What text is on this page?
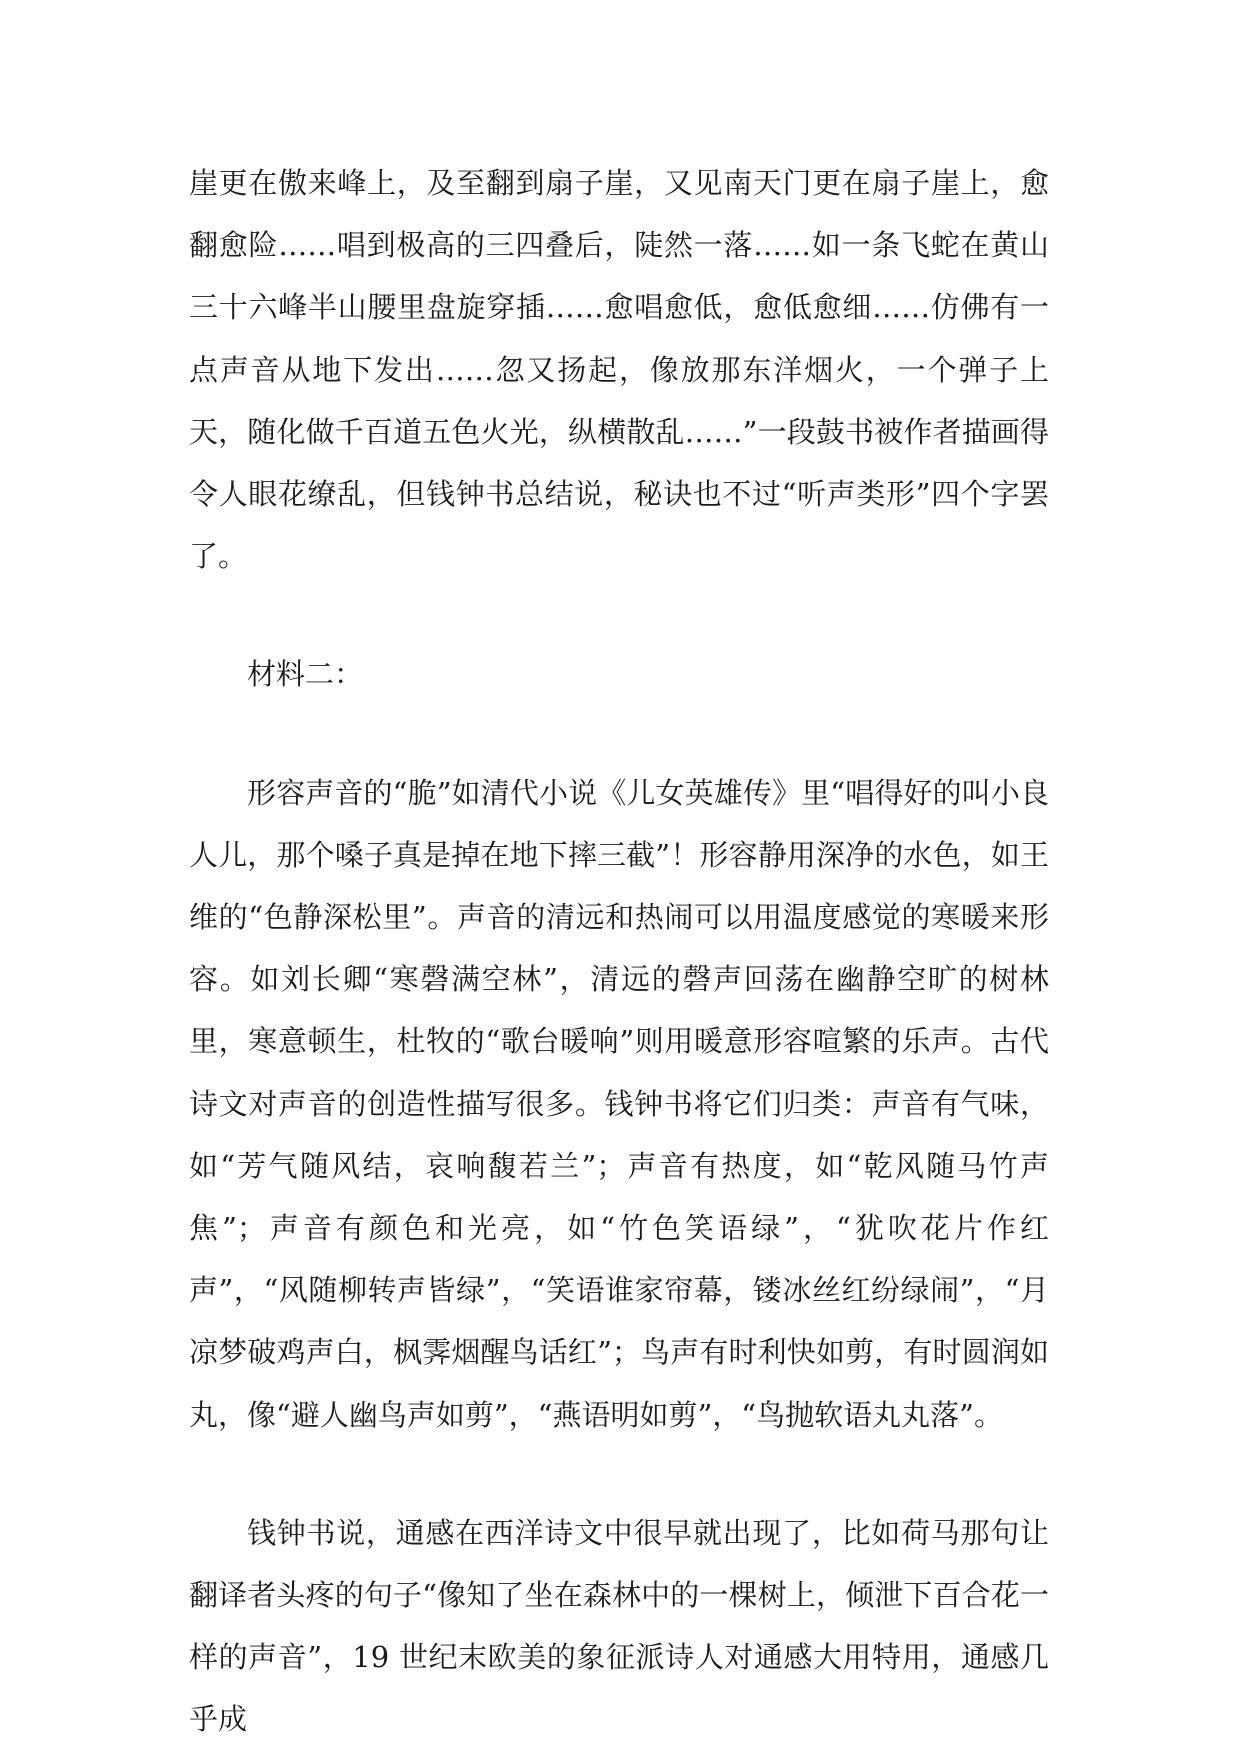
崖更在傲来峰上，及至翻到扇子崖，又见南天门更在扇子崖上，愈翻愈险……唱到极高的三四叠后，陡然一落……如一条飞蛇在黄山三十六峰半山腰里盘旋穿插……愈唱愈低，愈低愈细……仿佛有一点声音从地下发出……忽又扬起，像放那东洋烟火，一个弹子上天，随化做千百道五色火光，纵横散乱……”一段鼓书被作者描画得令人眼花缭乱，但钱钟书总结说，秘诀也不过“听声类形”四个字罢了。

材料二：

形容声音的“脆”如清代小说《儿女英雄传》里“唱得好的叫小良人儿，那个嗓子真是掉在地下摔三截”！形容静用深净的水色，如王维的“色静深松里”。声音的清远和热闹可以用温度感觉的寒暖来形容。如刘长卿“寒磬满空林”，清远的磬声回荡在幽静空旷的树林里，寒意顿生，杜牧的“歌台暖响”则用暖意形容喧繁的乐声。古代诗文对声音的创造性描写很多。钱钟书将它们归类：声音有气味，如“芳气随风结，哀响馥若兰”；声音有热度，如“乾风随马竹声焦”；声音有颜色和光亮，如“竹色笑语绿”，“犹吹花片作红声”，“风随柳转声皆绿”，“笑语谁家帘幕，镂冰丝红纷绿闹”，“月凉梦破鸡声白，枫霁烟醒鸟话红”；鸟声有时利快如剪，有时圆润如丸，像“避人幽鸟声如剪”，“燕语明如剪”，“鸟抛软语丸丸落”。

钱钟书说，通感在西洋诗文中很早就出现了，比如荷马那句让翻译者头疼的句子“像知了坐在森林中的一棵树上，倾泄下百合花一样的声音”，19 世纪末欧美的象征派诗人对通感大用特用，通感几乎成
